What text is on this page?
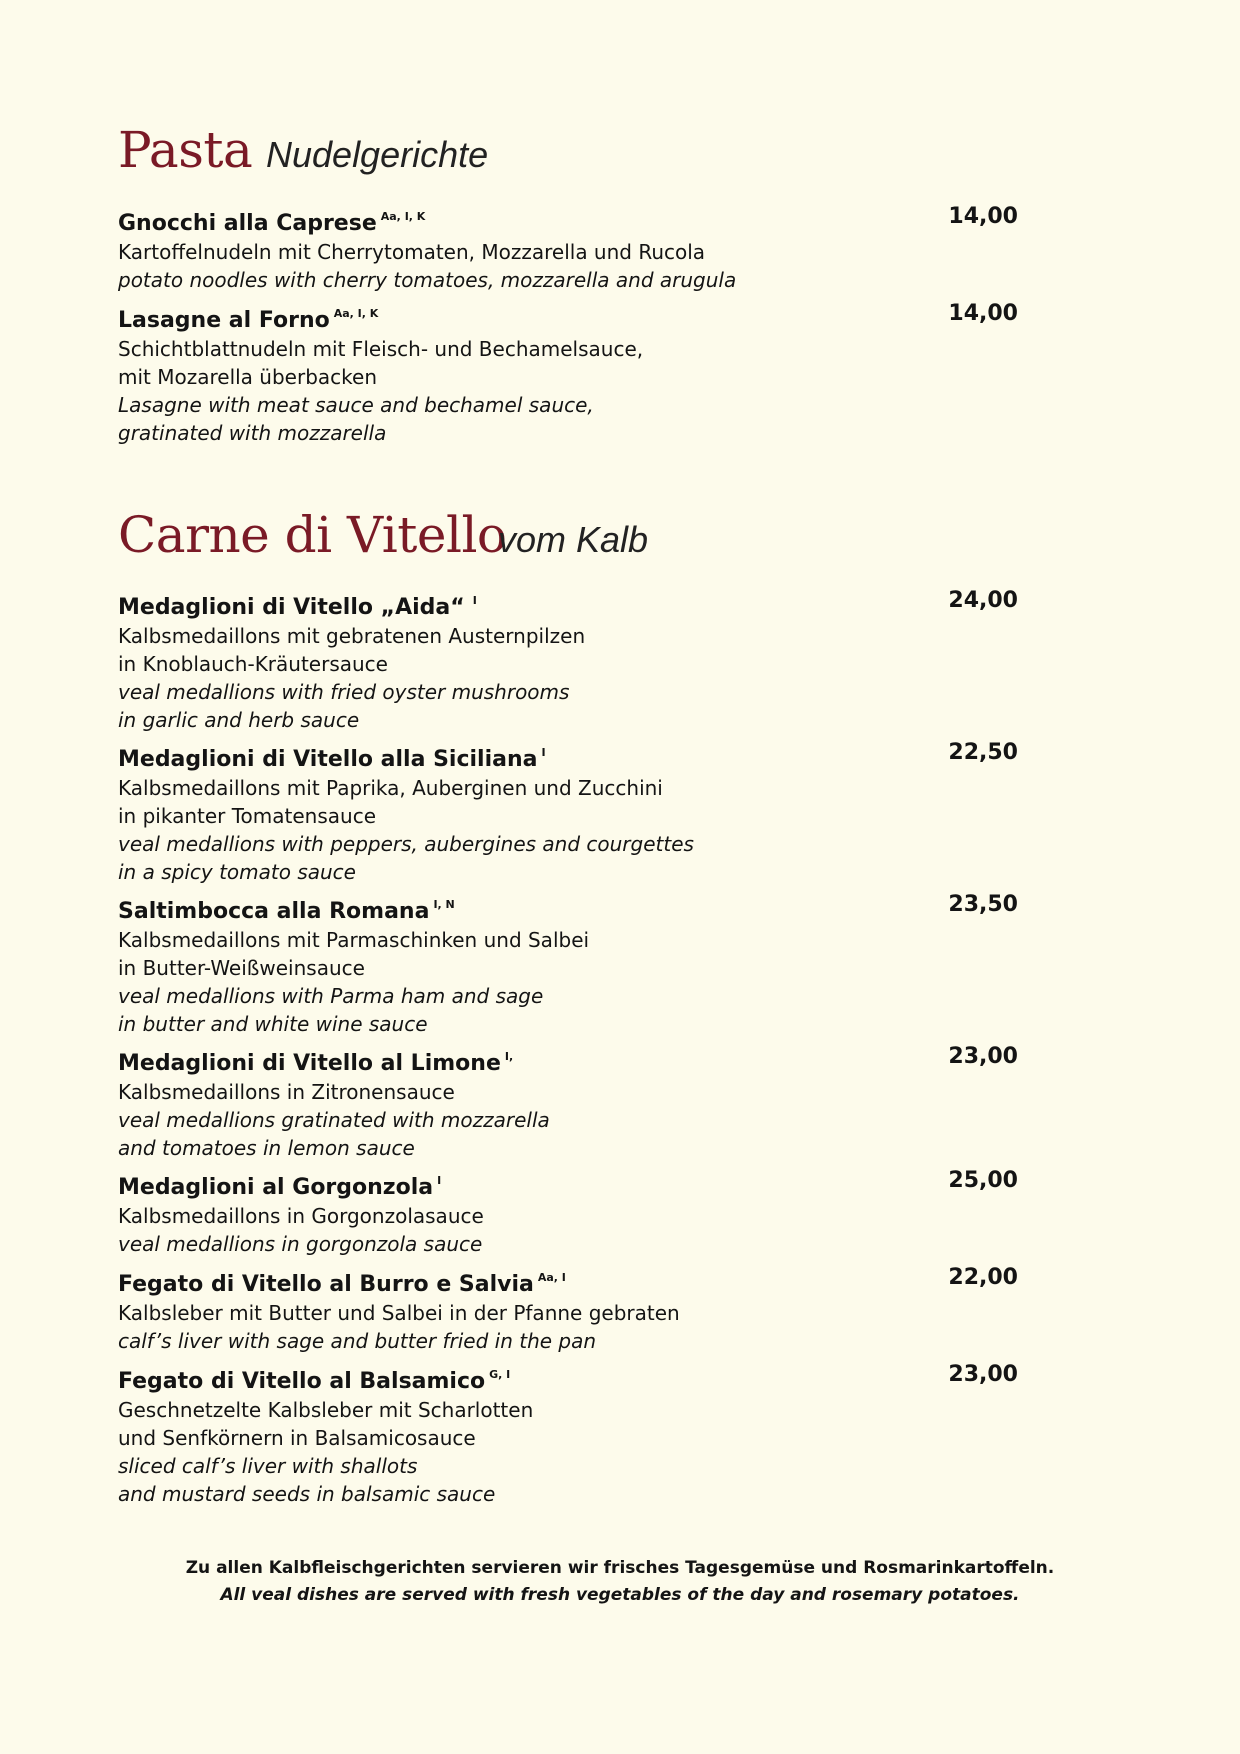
Pasta Nudelgerichte
Gnocchi alla Caprese $^{Aa, I, K}$	14,00
Kartoffelnudeln mit Cherrytomaten, Mozzarella und Rucola
potato noodles with cherry tomatoes, mozzarella and arugula
Lasagne al Forno $^{Aa, I, K}$	14,00
Schichtblattnudeln mit Fleisch- und Bechamelsauce,
mit Mozarella überbacken
Lasagne with meat sauce and bechamel sauce,
gratinated with mozzarella
Carne di Vitello
vom Kalb
Medaglioni di Vitello „Aida“ $^I$	24,00
Kalbsmedaillons mit gebratenen Austernpilzen
in Knoblauch-Kräutersauce
veal medallions with fried oyster mushrooms
in garlic and herb sauce
Medaglioni di Vitello alla Siciliana $^I$	22,50
Kalbsmedaillons mit Paprika, Auberginen und Zucchini
in pikanter Tomatensauce
veal medallions with peppers, aubergines and courgettes
in a spicy tomato sauce
Saltimbocca alla Romana $^{I, N}$	23,50
Kalbsmedaillons mit Parmaschinken und Salbei
in Butter-Weißweinsauce
veal medallions with Parma ham and sage
in butter and white wine sauce
Medaglioni di Vitello al Limone $^{I,}$	23,00
Kalbsmedaillons in Zitronensauce
veal medallions gratinated with mozzarella
and tomatoes in lemon sauce
Medaglioni al Gorgonzola $^I$	25,00
Kalbsmedaillons in Gorgonzolasauce
veal medallions in gorgonzola sauce
Fegato di Vitello al Burro e Salvia $^{Aa, I}$	22,00
Kalbsleber mit Butter und Salbei in der Pfanne gebraten
calf’s liver with sage and butter fried in the pan
Fegato di Vitello al Balsamico $^{G, I}$	23,00
Geschnetzelte Kalbsleber mit Scharlotten
und Senfkörnern in Balsamicosauce
sliced calf’s liver with shallots
and mustard seeds in balsamic sauce
Zu allen Kalbfleischgerichten servieren wir frisches Tagesgemüse und Rosmarinkartoffeln.
All veal dishes are served with fresh vegetables of the day and rosemary potatoes.
